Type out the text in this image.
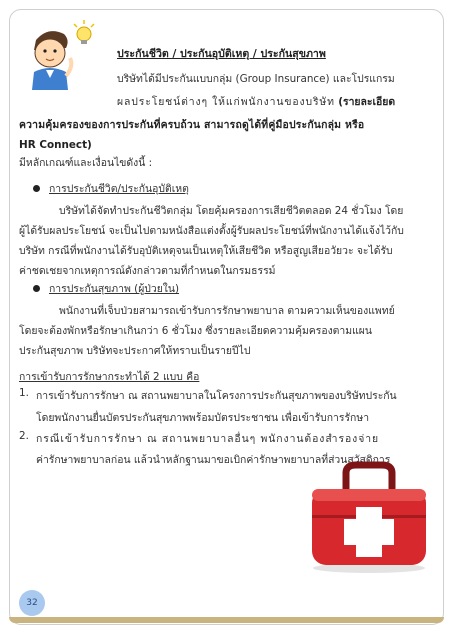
ประกันชีวิต / ประกันอุบัติเหตุ / ประกันสุขภาพ
บริษัทได้มีประกันแบบกลุ่ม (Group Insurance) และโปรแกรม
ผลประโยชน์ต่างๆ ให้แก่พนักงานของบริษัท (รายละเอียด
ความคุ้มครองของการประกันที่ครบถ้วน สามารถดูได้ที่คู่มือประกันกลุ่ม หรือ
HR Connect)
มีหลักเกณฑ์และเงื่อนไขดังนี้ :
การประกันชีวิต/ประกันอุบัติเหตุ
บริษัทได้จัดทำประกันชีวิตกลุ่ม โดยคุ้มครองการเสียชีวิตตลอด 24 ชั่วโมง โดย
ผู้ได้รับผลประโยชน์ จะเป็นไปตามหนังสือแต่งตั้งผู้รับผลประโยชน์ที่พนักงานได้แจ้งไว้กับ
บริษัท กรณีที่พนักงานได้รับอุบัติเหตุจนเป็นเหตุให้เสียชีวิต หรือสูญเสียอวัยวะ จะได้รับ
ค่าชดเชยจากเหตุการณ์ดังกล่าวตามที่กำหนดในกรมธรรม์
การประกันสุขภาพ (ผู้ป่วยใน)
พนักงานที่เจ็บป่วยสามารถเข้ารับการรักษาพยาบาล ตามความเห็นของแพทย์
โดยจะต้องพักหรือรักษาเกินกว่า 6 ชั่วโมง ซึ่งรายละเอียดความคุ้มครองตามแผน
ประกันสุขภาพ บริษัทจะประกาศให้ทราบเป็นรายปีไป
การเข้ารับการรักษากระทำได้ 2 แบบ คือ
1. การเข้ารับการรักษา ณ สถานพยาบาลในโครงการประกันสุขภาพของบริษัทประกัน
โดยพนักงานยื่นบัตรประกันสุขภาพพร้อมบัตรประชาชน เพื่อเข้ารับการรักษา
2. กรณีเข้ารับการรักษา ณ สถานพยาบาลอื่นๆ พนักงานต้องสำรองจ่าย
ค่ารักษาพยาบาลก่อน แล้วนำหลักฐานมาขอเบิกค่ารักษาพยาบาลที่ส่วนสวัสดิการ
32
